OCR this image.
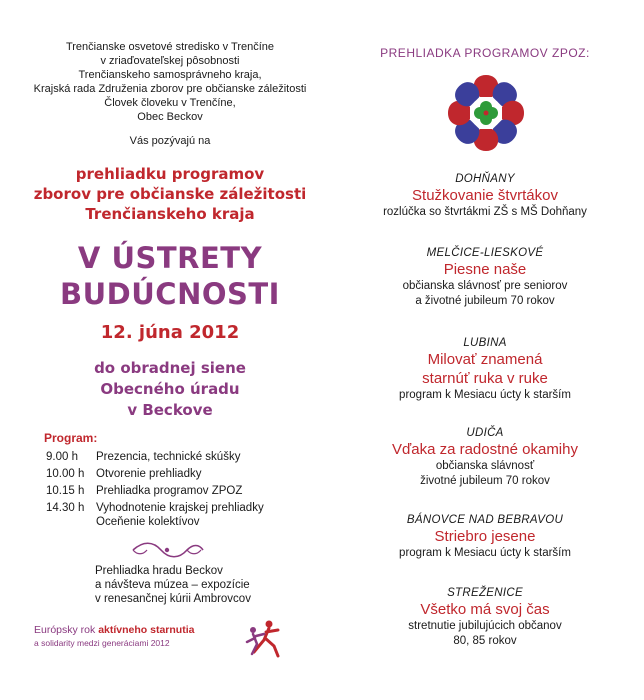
Trenčianske osvetové stredisko v Trenčíne
v zriaďovateľskej pôsobnosti
Trenčianskeho samosprávneho kraja,
Krajská rada Združenia zborov pre občianske záležitosti
Človek človeku v Trenčíne,
Obec Beckov
Vás pozývajú na
prehliadku programov
zborov pre občianske záležitosti
Trenčianskeho kraja
V ÚSTRETY
BUDÚCNOSTI
12. júna 2012
do obradnej siene
Obecného úradu
v Beckove
Program:
9.00 h	Prezencia, technické skúšky
10.00 h	Otvorenie prehliadky
10.15 h	Prehliadka programov ZPOZ
14.30 h	Vyhodnotenie krajskej prehliadky
Oceňenie kolektívov
Prehliadka hradu Beckov
a návšteva múzea – expozície
v renesančnej kúrii Ambrovcov
Európsky rok aktívneho starnutia
a solidarity medzi generáciami 2012
PREHLIADKA PROGRAMOV ZPOZ:
DOHŇANY
Stužkovanie štvrtákov
rozlúčka so štvrtákmi ZŠ s MŠ Dohňany
MELČICE-LIESKOVÉ
Piesne naše
občianska slávnosť pre seniorov
a životné jubileum 70 rokov
LUBINA
Milovať znamená
starnúť ruka v ruke
program k Mesiacu úcty k starším
UDIČA
Vďaka za radostné okamihy
občianska slávnosť
životné jubileum 70 rokov
BÁNOVCE NAD BEBRAVOU
Striebro jesene
program k Mesiacu úcty k starším
STREŽENICE
Všetko má svoj čas
stretnutie jubilujúcich občanov
80, 85 rokov
